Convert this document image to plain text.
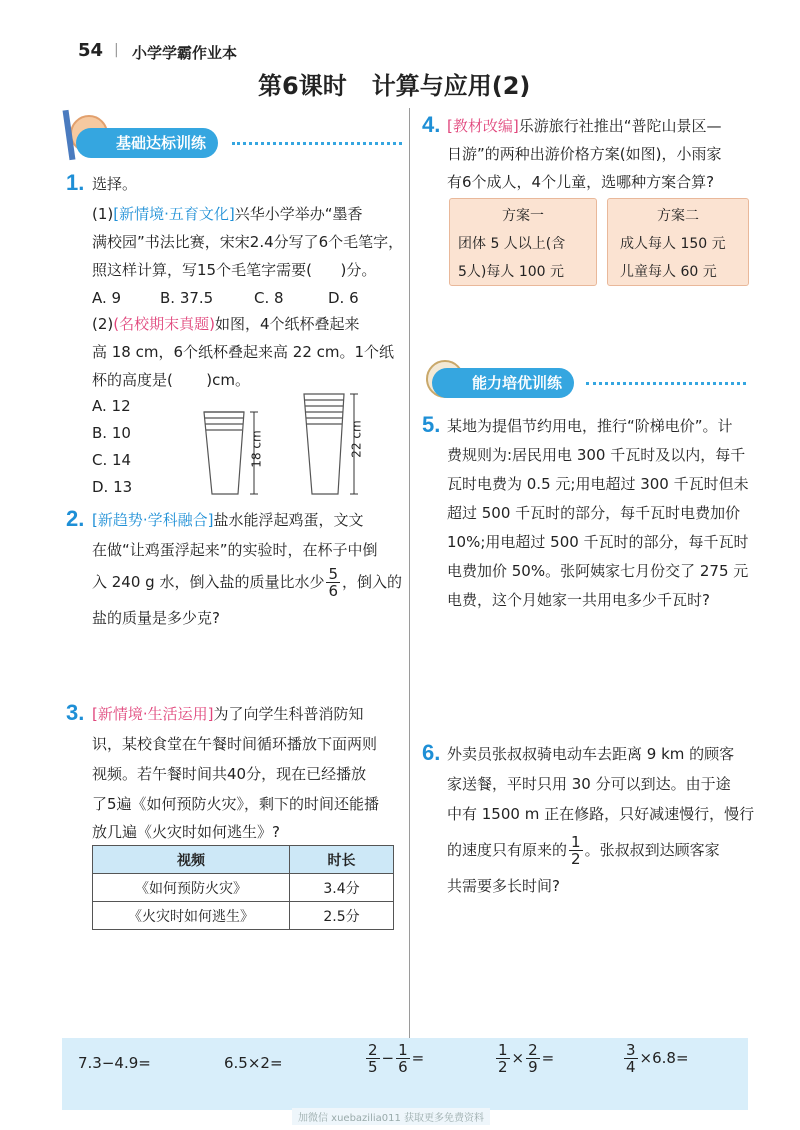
54 | 小学学霸作业本
第6课时   计算与应用(2)
基础达标训练
1. 选择。
(1)[新情境·五育文化]兴华小学举办“墨香
满校园”书法比赛，宋宋2.4分写了6个毛笔字，
照这样计算，写15个毛笔字需要(      )分。
A. 9	B. 37.5	C. 8	D. 6
(2)(名校期末真题)如图，4个纸杯叠起来
高 18 cm，6个纸杯叠起来高 22 cm。1个纸
杯的高度是(       )cm。
A. 12
B. 10
C. 14
D. 13
18 cm	22 cm
2. [新趋势·学科融合]盐水能浮起鸡蛋，文文
在做“让鸡蛋浮起来”的实验时，在杯子中倒
入 240 g 水，倒入盐的质量比水少 $\frac{5}{6}$ ，倒入的
盐的质量是多少克?
3. [新情境·生活运用]为了向学生科普消防知
识，某校食堂在午餐时间循环播放下面两则
视频。若午餐时间共40分，现在已经播放
了5遍《如何预防火灾》，剩下的时间还能播
放几遍《火灾时如何逃生》?
视频	时长
《如何预防火灾》	3.4分
《火灾时如何逃生》	2.5分
4. [教材改编]乐游旅行社推出“普陀山景区—
日游”的两种出游价格方案(如图)，小雨家
有6个成人，4个儿童，选哪种方案合算?
方案一
团体 5 人以上(含
5人)每人 100 元
方案二
成人每人 150 元
儿童每人 60 元
能力培优训练
5. 某地为提倡节约用电，推行“阶梯电价”。计
费规则为:居民用电 300 千瓦时及以内，每千
瓦时电费为 0.5 元;用电超过 300 千瓦时但未
超过 500 千瓦时的部分，每千瓦时电费加价
10%;用电超过 500 千瓦时的部分，每千瓦时
电费加价 50%。张阿姨家七月份交了 275 元
电费，这个月她家一共用电多少千瓦时?
6. 外卖员张叔叔骑电动车去距离 9 km 的顾客
家送餐，平时只用 30 分可以到达。由于途
中有 1500 m 正在修路，只好减速慢行，慢行
的速度只有原来的 $\frac{1}{2}$ 。张叔叔到达顾客家
共需要多长时间?
7.3−4.9=	6.5×2=	$\frac{2}{5} - \frac{1}{6}$ =	$\frac{1}{2} \times \frac{2}{9}$ =	$\frac{3}{4} \times 6.8=$
加微信 xuebazilia011 获取更多免费资料
